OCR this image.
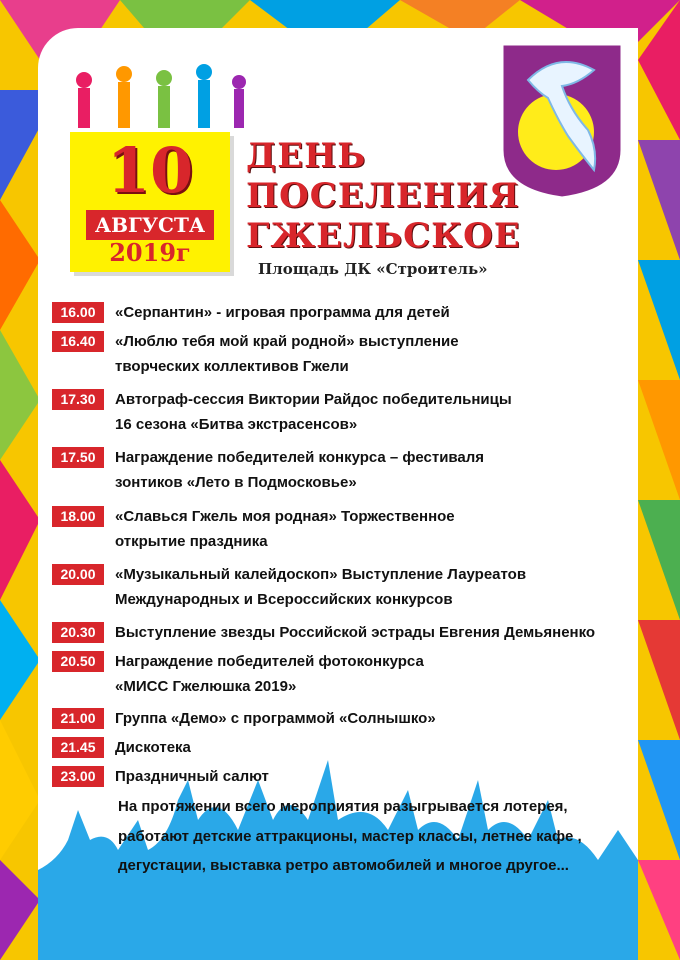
10
АВГУСТА
2019г
ДЕНЬ
ПОСЕЛЕНИЯ
ГЖЕЛЬСКОЕ
Площадь ДК «Строитель»
16.00	«Серпантин» - игровая программа для детей
16.40	«Люблю тебя мой край родной» выступление
творческих коллективов Гжели
17.30	Автограф-сессия Виктории Райдос победительницы
16 сезона «Битва экстрасенсов»
17.50	Награждение победителей конкурса – фестиваля
зонтиков «Лето в Подмосковье»
18.00	«Славься Гжель моя родная» Торжественное
открытие праздника
20.00	«Музыкальный калейдоскоп» Выступление Лауреатов
Международных и Всероссийских конкурсов
20.30	Выступление звезды Российской эстрады Евгения Демьяненко
20.50	Награждение победителей фотоконкурса
«МИСС Гжелюшка 2019»
21.00	Группа «Демо» с программой «Солнышко»
21.45	Дискотека
23.00	Праздничный салют
На протяжении всего мероприятия разыгрывается лотерея,
работают детские аттракционы, мастер классы, летнее кафе ,
дегустации, выставка ретро автомобилей и многое другое...
